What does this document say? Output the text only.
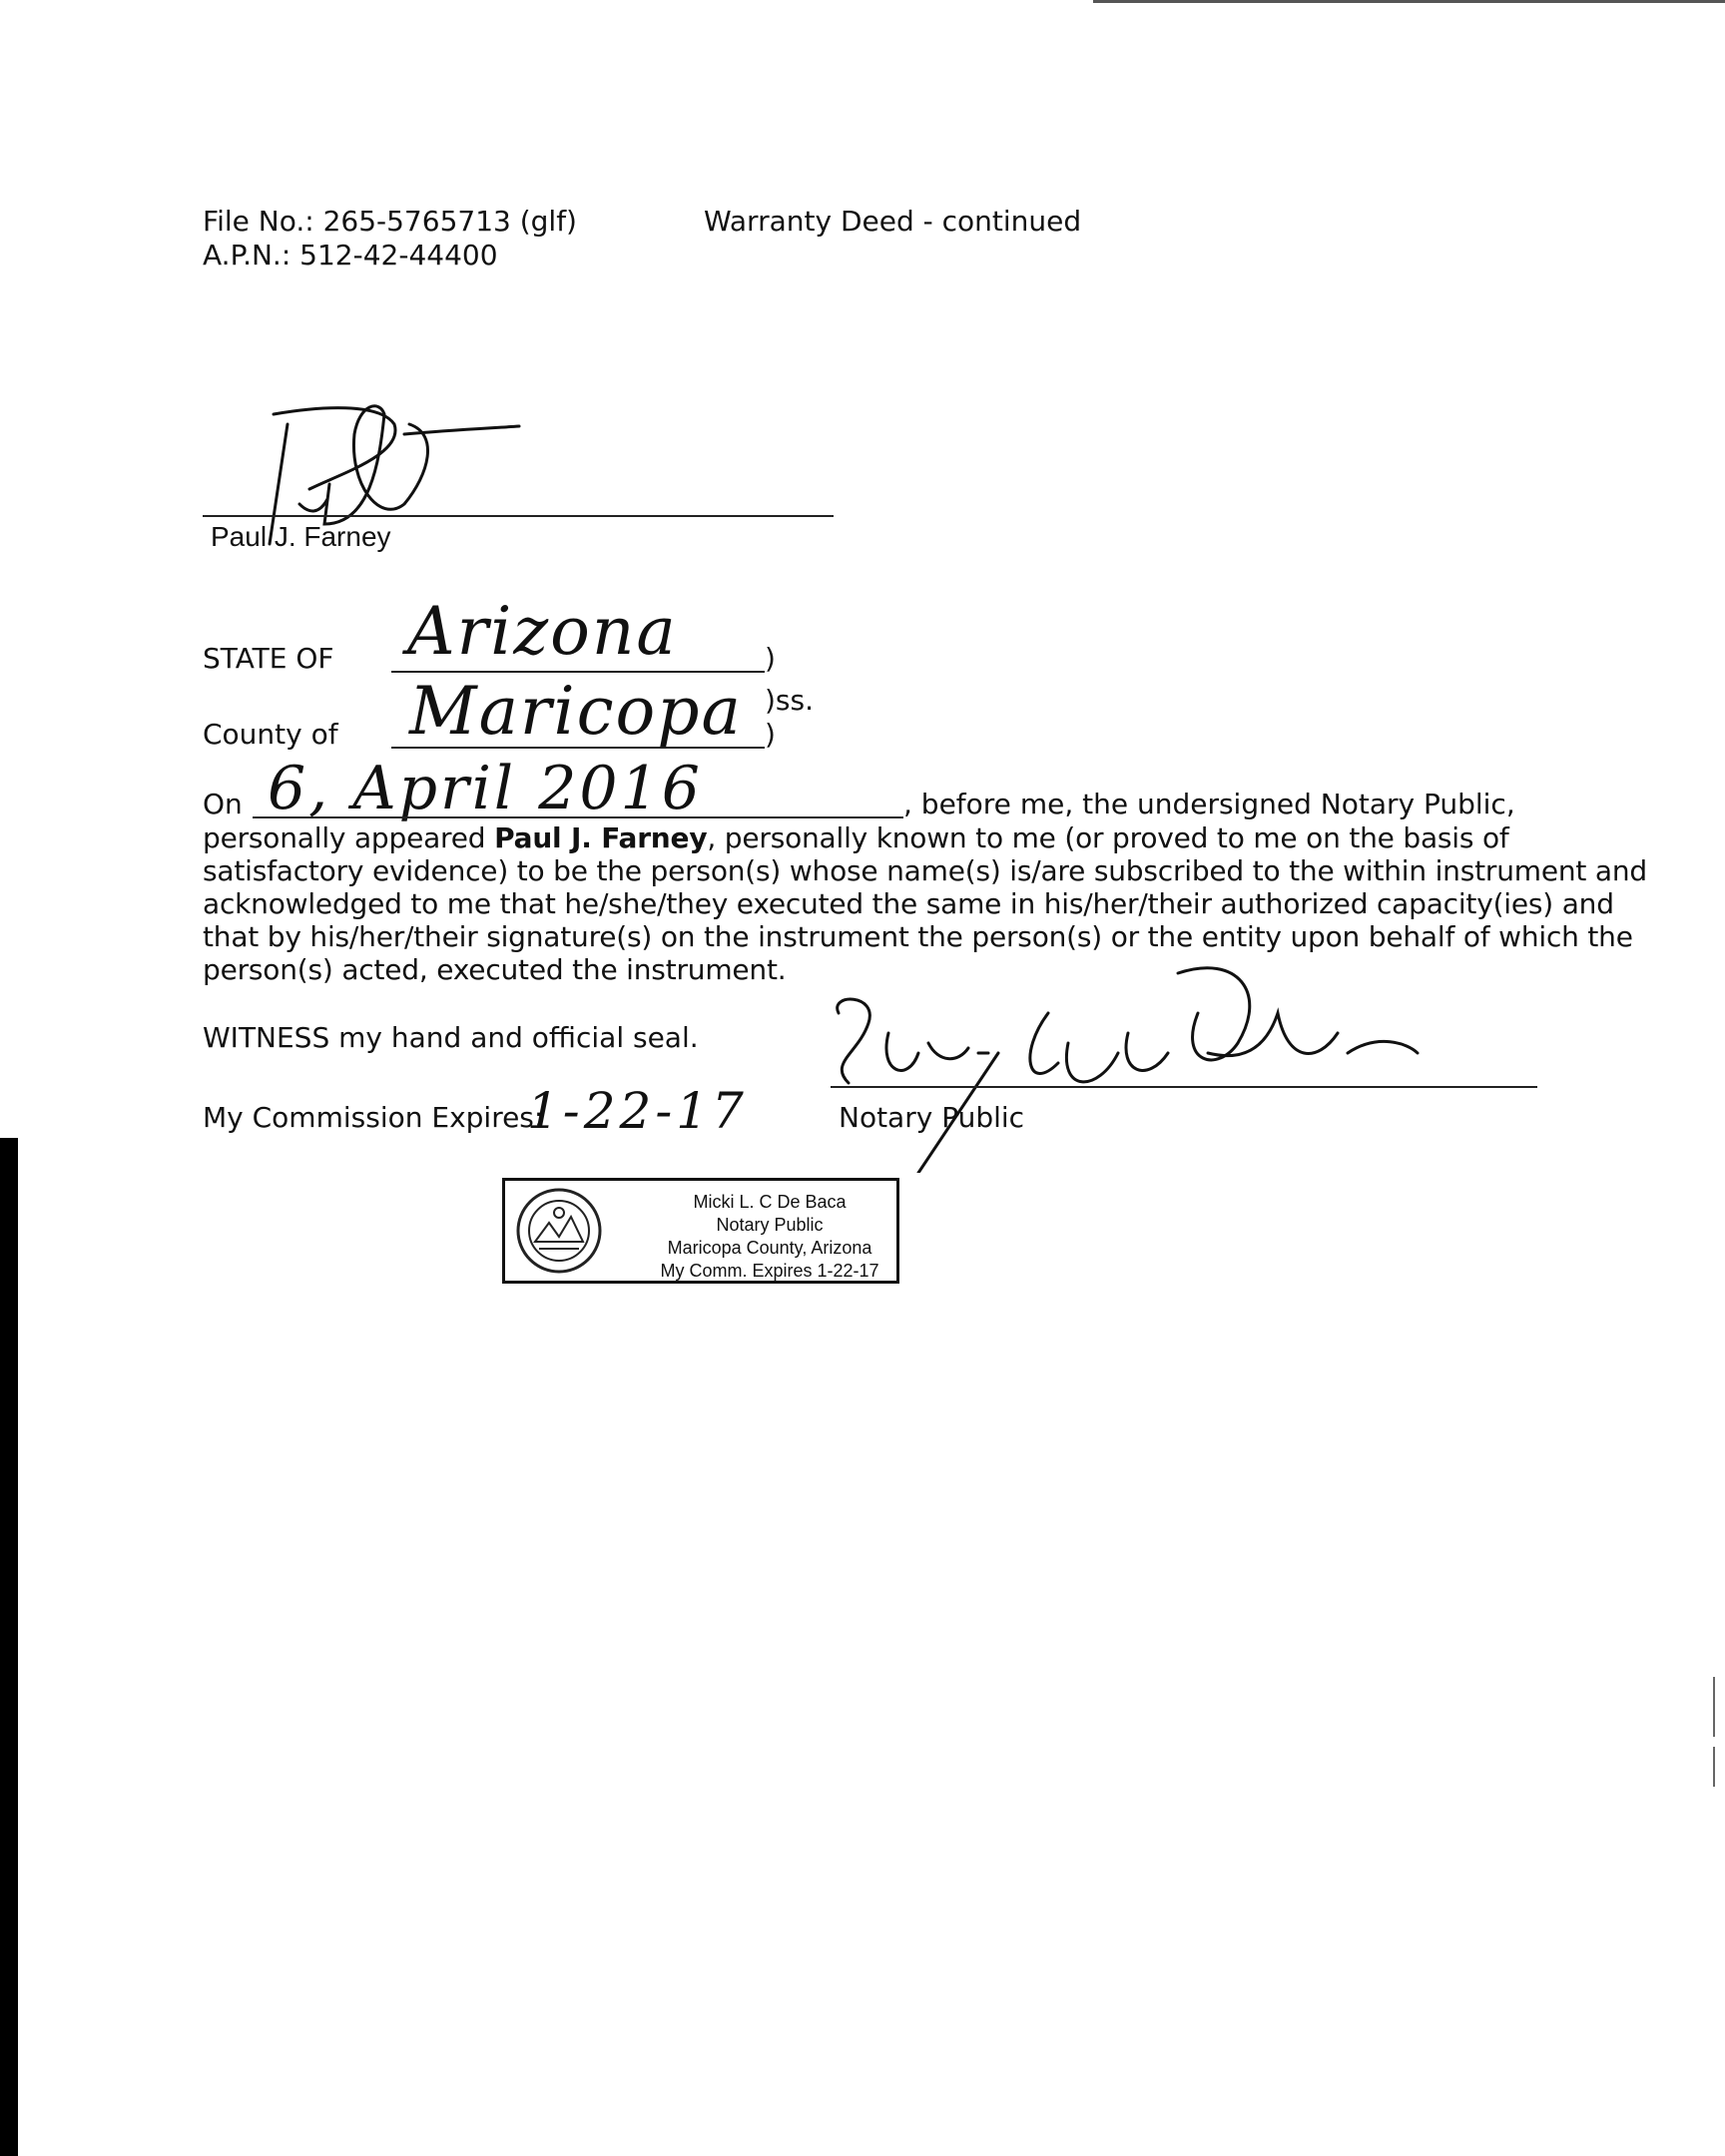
File No.: 265-5765713 (glf)
A.P.N.: 512-42-44400
Warranty Deed - continued
Paul J. Farney
STATE OF Arizona	)
)ss.
County of Maricopa )
On 6, April 2016	, before me, the undersigned Notary Public,

personally appeared Paul J. Farney, personally known to me (or proved to me on the basis of

satisfactory evidence) to be the person(s) whose name(s) is/are subscribed to the within instrument and

acknowledged to me that he/she/they executed the same in his/her/their authorized capacity(ies) and

that by his/her/their signature(s) on the instrument the person(s) or the entity upon behalf of which the

person(s) acted, executed the instrument.

WITNESS my hand and official seal.
My Commission Expires:
1-22-17	Notary Public
Micki L. C De Baca
Notary Public
Maricopa County, Arizona
My Comm. Expires 1-22-17
